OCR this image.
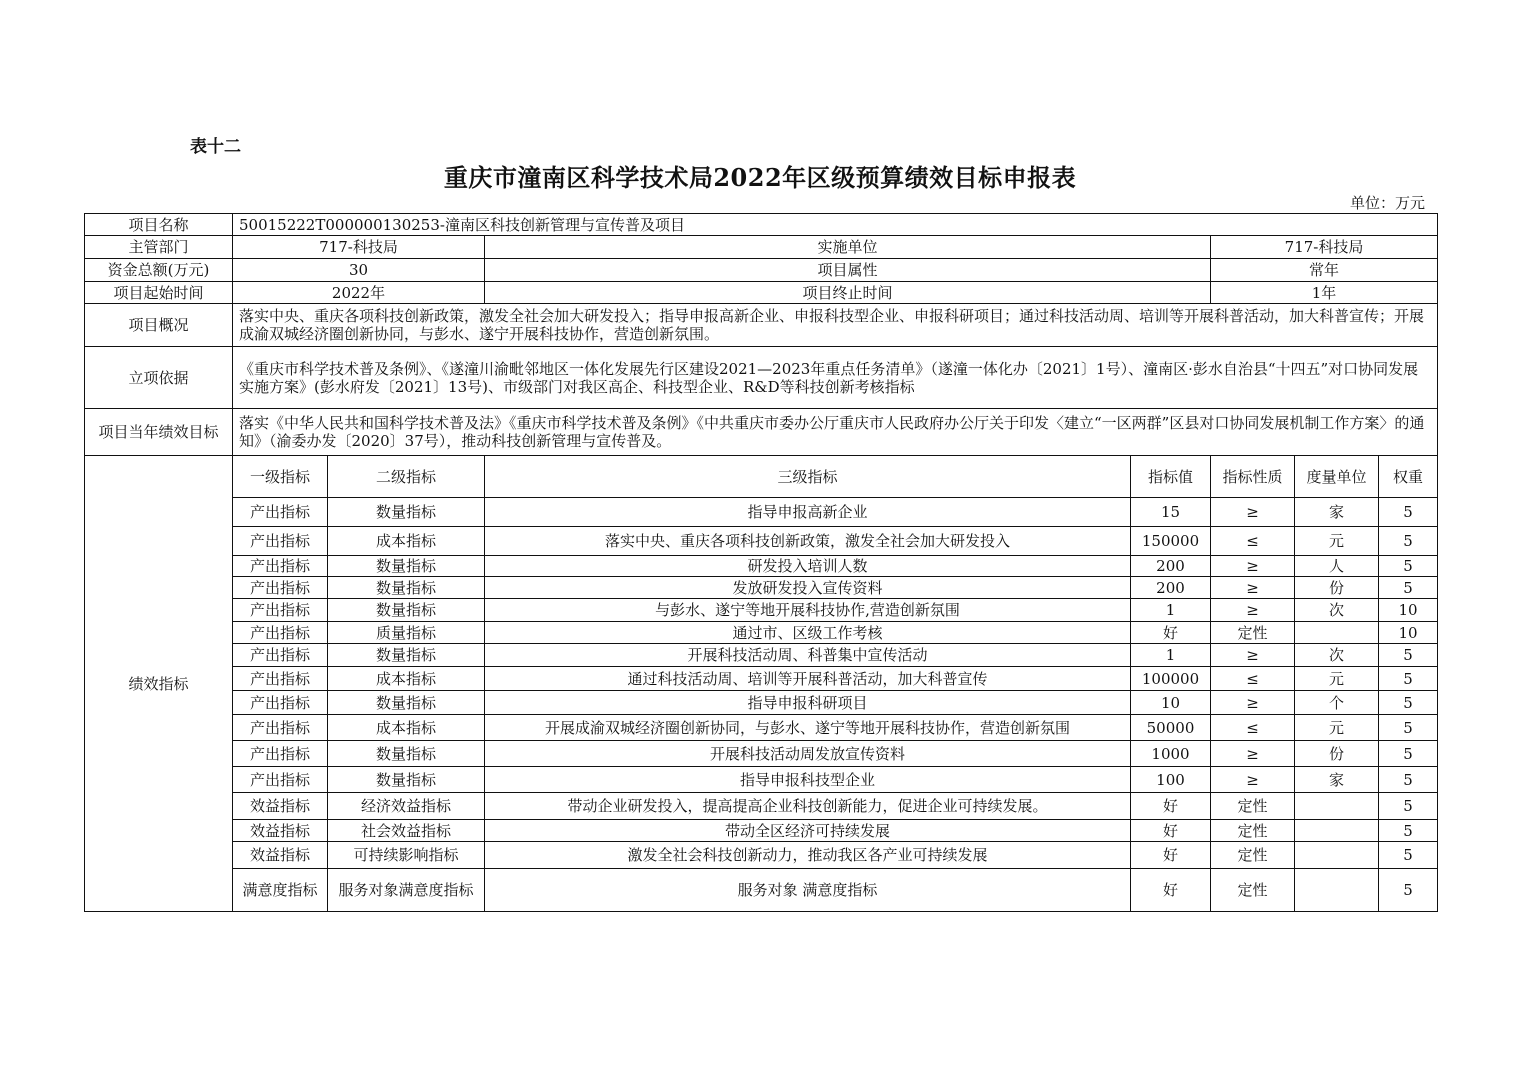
表十二
重庆市潼南区科学技术局2022年区级预算绩效目标申报表
单位：万元
项目名称	50015222T000000130253-潼南区科技创新管理与宣传普及项目						
主管部门	717-科技局		实施单位		717-科技局		
资金总额(万元)	30		项目属性		常年		
项目起始时间	2022年		项目终止时间		1年		
项目概况	落实中央、重庆各项科技创新政策，激发全社会加大研发投入；指导申报高新企业、申报科技型企业、申报科研项目；通过科技活动周、培训等开展科普活动，加大科普宣传；开展成渝双城经济圈创新协同，与彭水、遂宁开展科技协作，营造创新氛围。						
立项依据	《重庆市科学技术普及条例》、《遂潼川渝毗邻地区一体化发展先行区建设2021—2023年重点任务清单》（遂潼一体化办〔2021〕1号）、潼南区·彭水自治县“十四五”对口协同发展实施方案》(彭水府发〔2021〕13号)、市级部门对我区高企、科技型企业、R&D等科技创新考核指标						
项目当年绩效目标	落实《中华人民共和国科学技术普及法》《重庆市科学技术普及条例》《中共重庆市委办公厅重庆市人民政府办公厅关于印发〈建立“一区两群”区县对口协同发展机制工作方案〉的通知》（渝委办发〔2020〕37号），推动科技创新管理与宣传普及。						
绩效指标	一级指标	二级指标	三级指标	指标值	指标性质	度量单位	权重
	产出指标	数量指标	指导申报高新企业	15	≥	家	5
	产出指标	成本指标	落实中央、重庆各项科技创新政策，激发全社会加大研发投入	150000	≤	元	5
	产出指标	数量指标	研发投入培训人数	200	≥	人	5
	产出指标	数量指标	发放研发投入宣传资料	200	≥	份	5
	产出指标	数量指标	与彭水、遂宁等地开展科技协作,营造创新氛围	1	≥	次	10
	产出指标	质量指标	通过市、区级工作考核	好	定性		10
	产出指标	数量指标	开展科技活动周、科普集中宣传活动	1	≥	次	5
	产出指标	成本指标	通过科技活动周、培训等开展科普活动，加大科普宣传	100000	≤	元	5
	产出指标	数量指标	指导申报科研项目	10	≥	个	5
	产出指标	成本指标	开展成渝双城经济圈创新协同，与彭水、遂宁等地开展科技协作，营造创新氛围	50000	≤	元	5
	产出指标	数量指标	开展科技活动周发放宣传资料	1000	≥	份	5
	产出指标	数量指标	指导申报科技型企业	100	≥	家	5
	效益指标	经济效益指标	带动企业研发投入，提高提高企业科技创新能力，促进企业可持续发展。	好	定性		5
	效益指标	社会效益指标	带动全区经济可持续发展	好	定性		5
	效益指标	可持续影响指标	激发全社会科技创新动力，推动我区各产业可持续发展	好	定性		5
	满意度指标	服务对象满意度指标	服务对象 满意度指标	好	定性		5
